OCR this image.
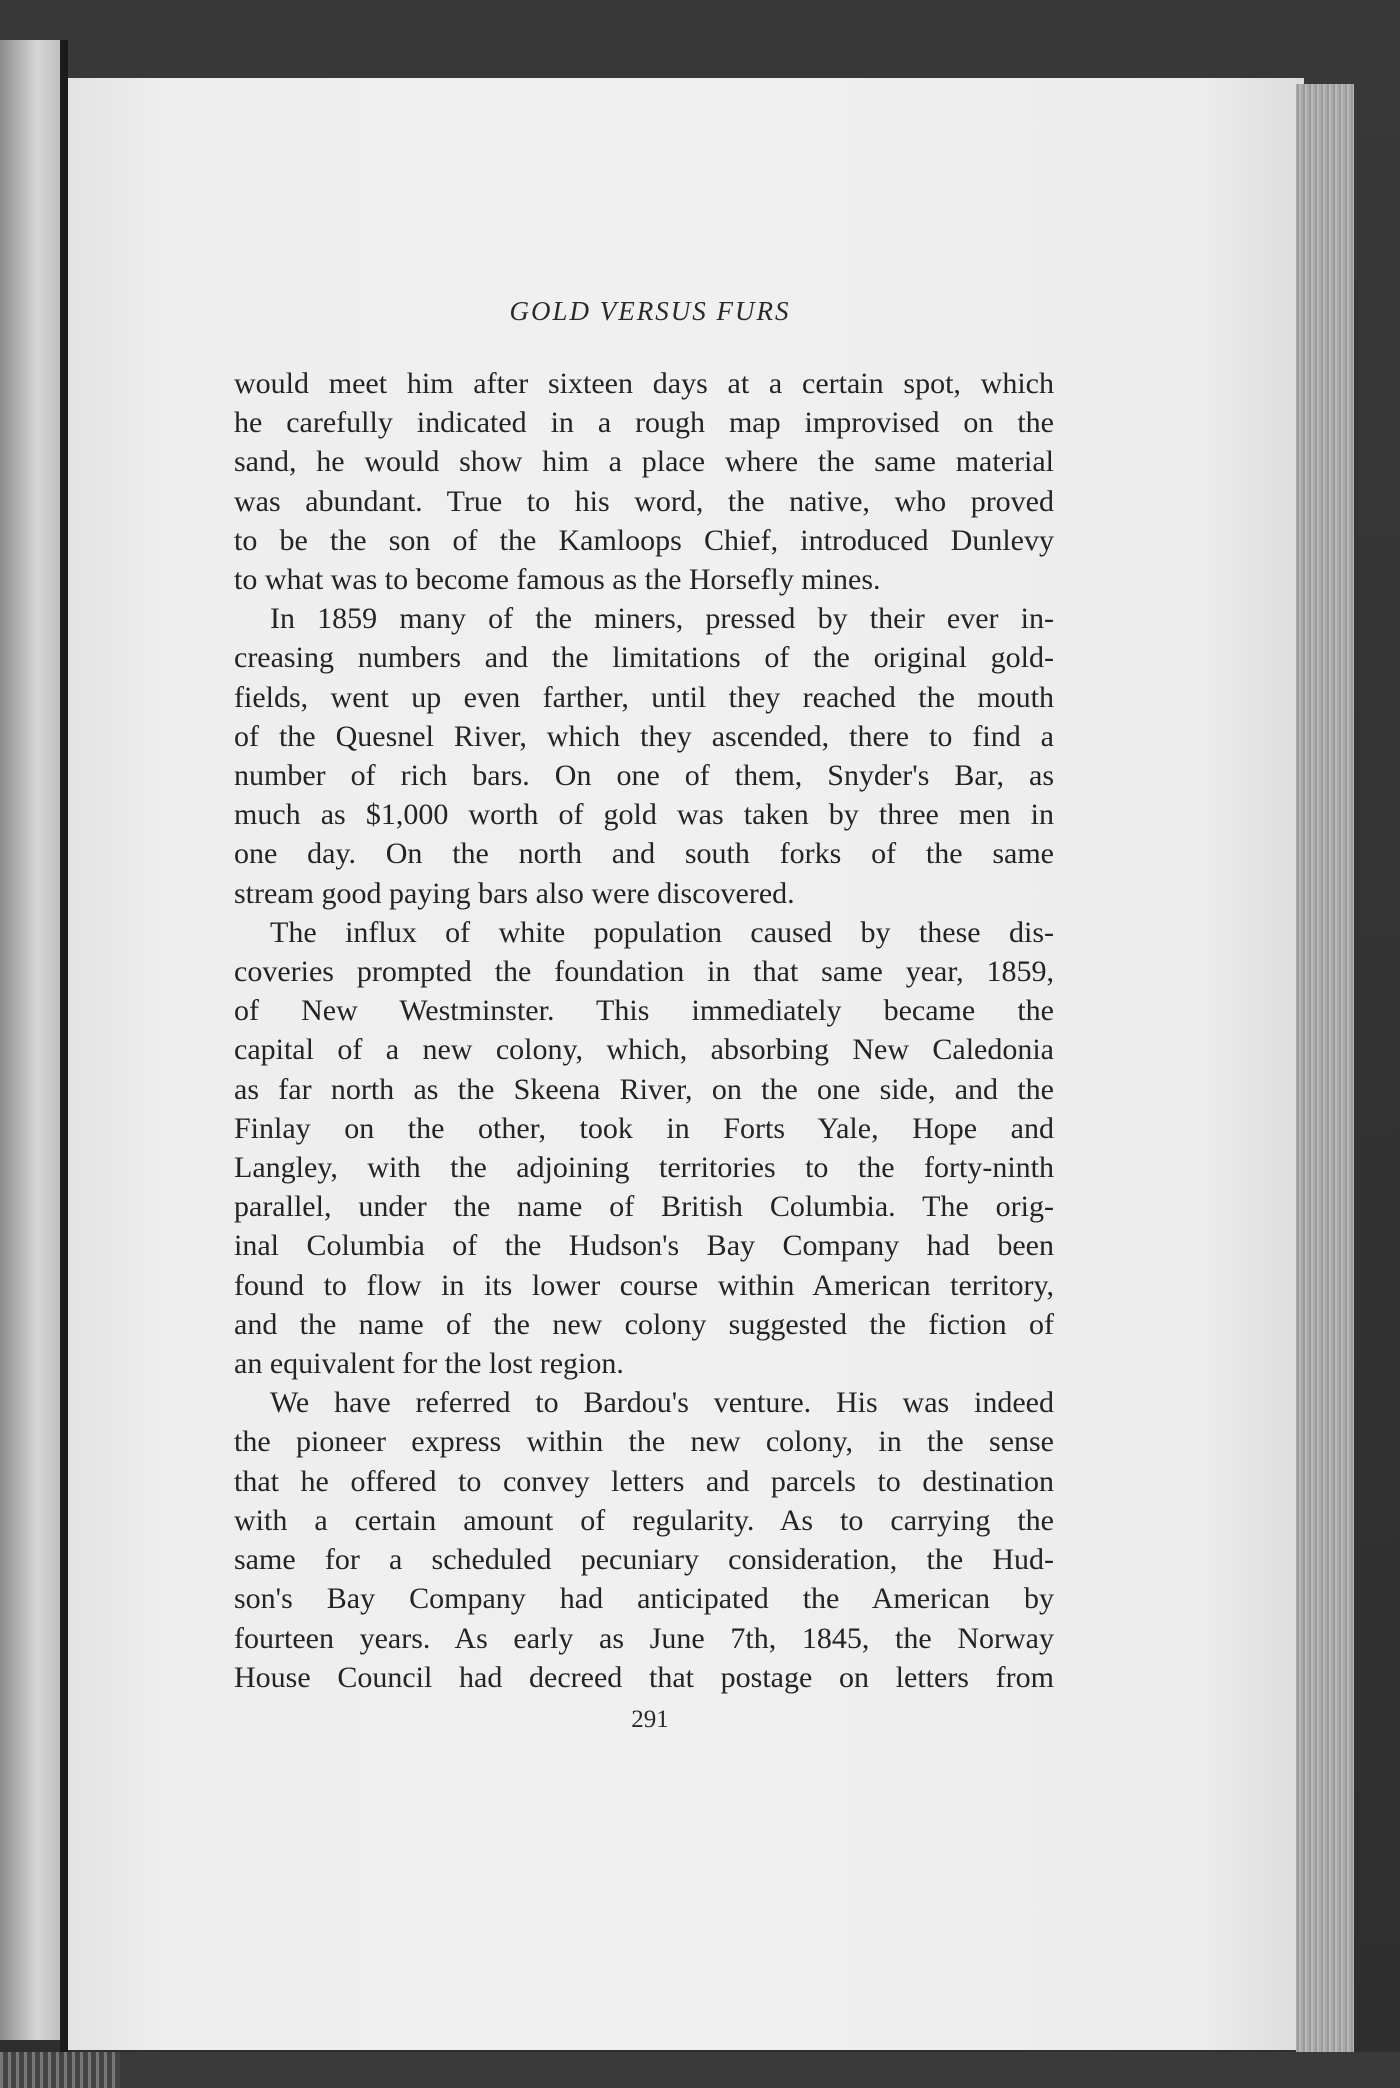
GOLD VERSUS FURS
would meet him after sixteen days at a certain spot, which
he carefully indicated in a rough map improvised on the
sand, he would show him a place where the same material
was abundant. True to his word, the native, who proved
to be the son of the Kamloops Chief, introduced Dunlevy
to what was to become famous as the Horsefly mines.
In 1859 many of the miners, pressed by their ever in-
creasing numbers and the limitations of the original gold-
fields, went up even farther, until they reached the mouth
of the Quesnel River, which they ascended, there to find a
number of rich bars. On one of them, Snyder's Bar, as
much as $1,000 worth of gold was taken by three men in
one day. On the north and south forks of the same
stream good paying bars also were discovered.
The influx of white population caused by these dis-
coveries prompted the foundation in that same year, 1859,
of New Westminster. This immediately became the
capital of a new colony, which, absorbing New Caledonia
as far north as the Skeena River, on the one side, and the
Finlay on the other, took in Forts Yale, Hope and
Langley, with the adjoining territories to the forty-ninth
parallel, under the name of British Columbia. The orig-
inal Columbia of the Hudson's Bay Company had been
found to flow in its lower course within American territory,
and the name of the new colony suggested the fiction of
an equivalent for the lost region.
We have referred to Bardou's venture. His was indeed
the pioneer express within the new colony, in the sense
that he offered to convey letters and parcels to destination
with a certain amount of regularity. As to carrying the
same for a scheduled pecuniary consideration, the Hud-
son's Bay Company had anticipated the American by
fourteen years. As early as June 7th, 1845, the Norway
House Council had decreed that postage on letters from
291
